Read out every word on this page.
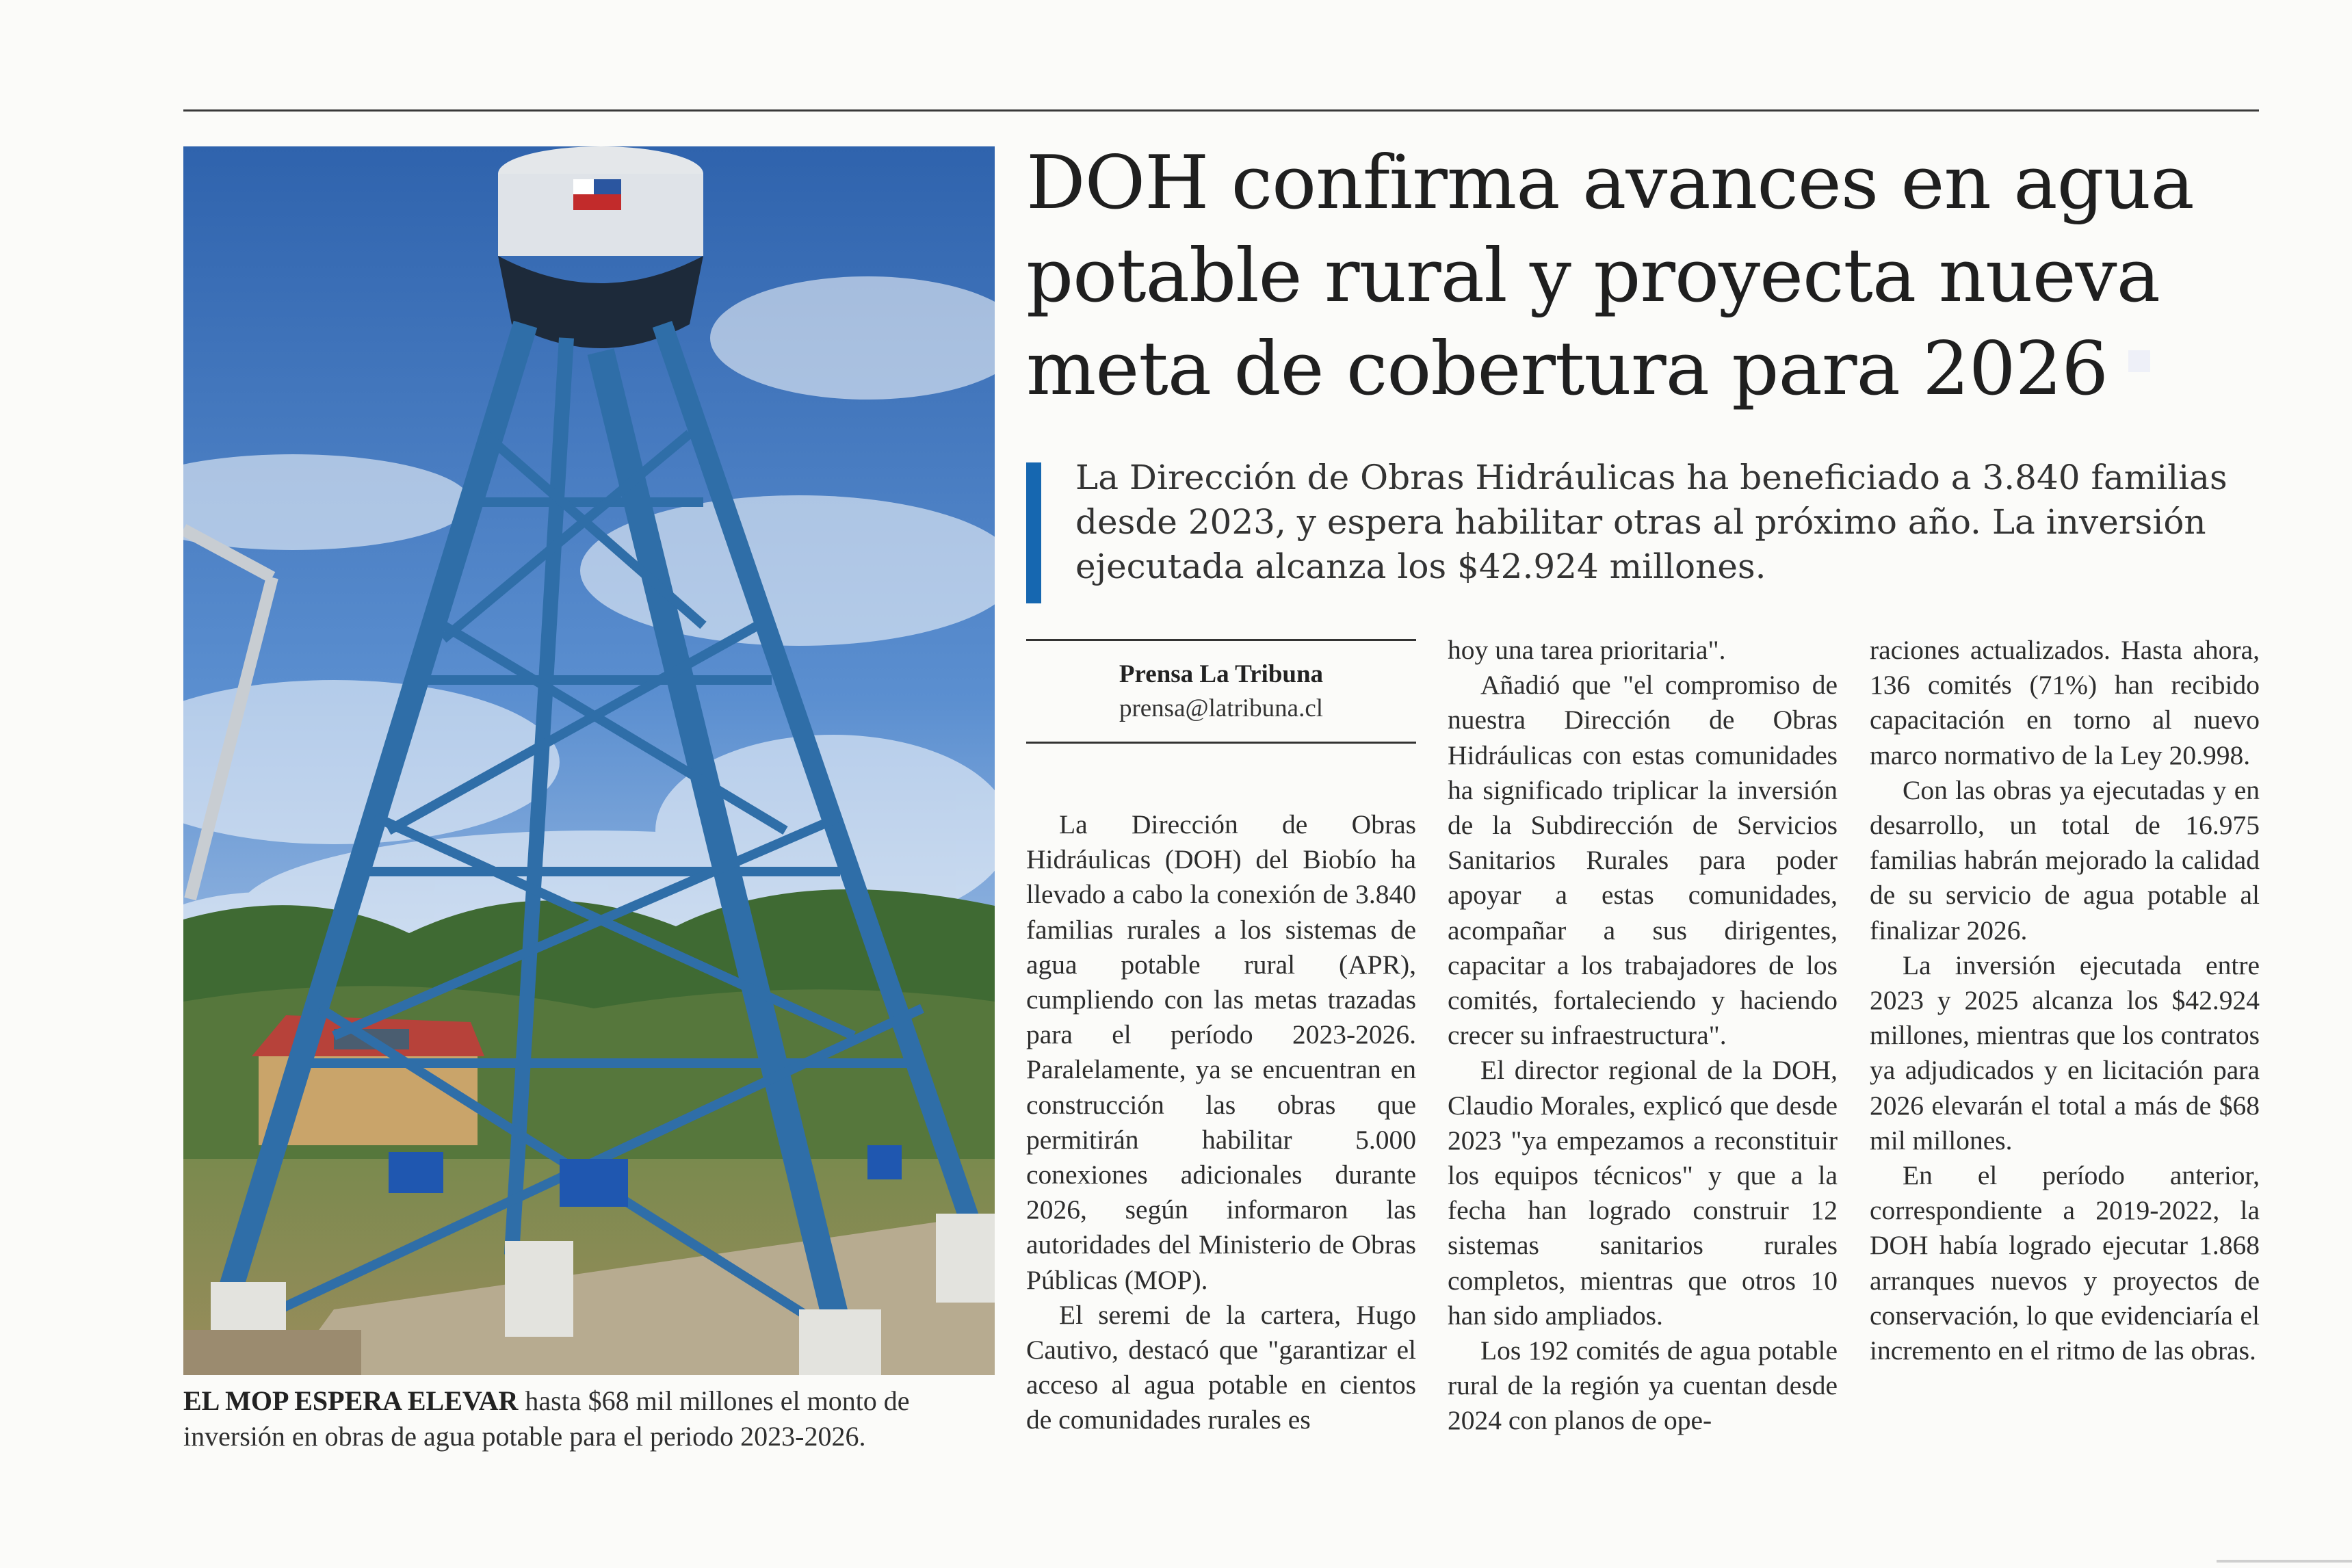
EL MOP ESPERA ELEVAR hasta $68 mil millones el monto de inversión en obras de agua potable para el periodo 2023-2026.
DOH confirma avances en agua
potable rural y proyecta nueva
meta de cobertura para 2026

La Dirección de Obras Hidráulicas ha beneficiado a 3.840 familias desde 2023, y espera habilitar otras al próximo año. La inversión ejecutada alcanza los $42.924 millones.

Prensa La Tribuna
prensa@latribuna.cl

La Dirección de Obras Hidráulicas (DOH) del Biobío ha llevado a cabo la conexión de 3.840 familias rurales a los sistemas de agua potable rural (APR), cumpliendo con las metas trazadas para el período 2023-2026. Paralelamente, ya se encuentran en construcción las obras que permitirán habilitar 5.000 conexiones adicionales durante 2026, según informaron las autoridades del Ministerio de Obras Públicas (MOP).

El seremi de la cartera, Hugo Cautivo, destacó que "garantizar el acceso al agua potable en cientos de comunidades rurales es

hoy una tarea prioritaria".

Añadió que "el compromiso de nuestra Dirección de Obras Hidráulicas con estas comunidades ha significado triplicar la inversión de la Subdirección de Servicios Sanitarios Rurales para poder apoyar a estas comunidades, acompañar a sus dirigentes, capacitar a los trabajadores de los comités, fortaleciendo y haciendo crecer su infraestructura".

El director regional de la DOH, Claudio Morales, explicó que desde 2023 "ya empezamos a reconstituir los equipos técnicos" y que a la fecha han logrado construir 12 sistemas sanitarios rurales completos, mientras que otros 10 han sido ampliados.

Los 192 comités de agua potable rural de la región ya cuentan desde 2024 con planos de ope-

raciones actualizados. Hasta ahora, 136 comités (71%) han recibido capacitación en torno al nuevo marco normativo de la Ley 20.998.

Con las obras ya ejecutadas y en desarrollo, un total de 16.975 familias habrán mejorado la calidad de su servicio de agua potable al finalizar 2026.

La inversión ejecutada entre 2023 y 2025 alcanza los $42.924 millones, mientras que los contratos ya adjudicados y en licitación para 2026 elevarán el total a más de $68 mil millones.

En el período anterior, correspondiente a 2019-2022, la DOH había logrado ejecutar 1.868 arranques nuevos y proyectos de conservación, lo que evidenciaría el incremento en el ritmo de las obras.
